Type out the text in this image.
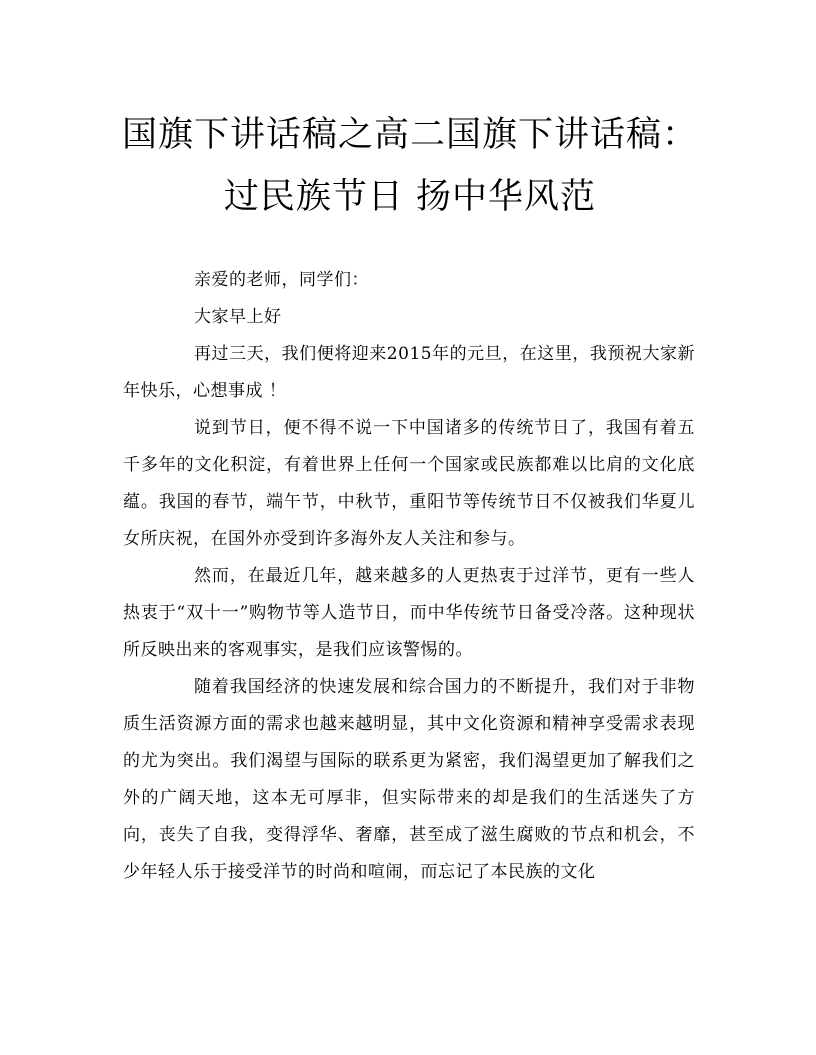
国旗下讲话稿之高二国旗下讲话稿：过民族节日 扬中华风范

亲爱的老师，同学们：

大家早上好

再过三天，我们便将迎来2015年的元旦，在这里，我预祝大家新年快乐，心想事成 ！

说到节日，便不得不说一下中国诸多的传统节日了，我国有着五千多年的文化积淀，有着世界上任何一个国家或民族都难以比肩的文化底蕴。我国的春节，端午节，中秋节，重阳节等传统节日不仅被我们华夏儿女所庆祝，在国外亦受到许多海外友人关注和参与。

然而，在最近几年，越来越多的人更热衷于过洋节，更有一些人热衷于“双十一”购物节等人造节日，而中华传统节日备受冷落。这种现状所反映出来的客观事实，是我们应该警惕的。

随着我国经济的快速发展和综合国力的不断提升，我们对于非物质生活资源方面的需求也越来越明显，其中文化资源和精神享受需求表现的尤为突出。我们渴望与国际的联系更为紧密，我们渴望更加了解我们之外的广阔天地，这本无可厚非，但实际带来的却是我们的生活迷失了方向，丧失了自我，变得浮华、奢靡，甚至成了滋生腐败的节点和机会，不少年轻人乐于接受洋节的时尚和喧闹，而忘记了本民族的文化
